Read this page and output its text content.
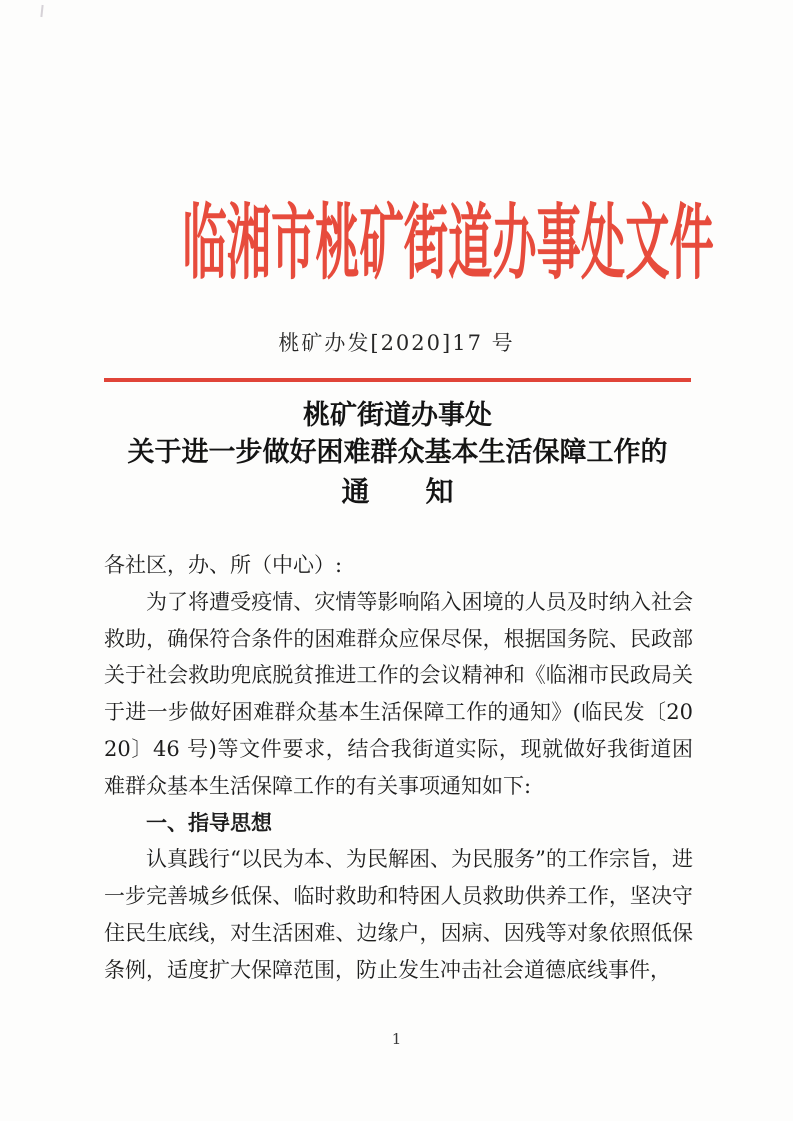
临湘市桃矿街道办事处文件
桃矿办发[2020]17 号
桃矿街道办事处
关于进一步做好困难群众基本生活保障工作的
通　　知

各社区，办、所（中心）:

为了将遭受疫情、灾情等影响陷入困境的人员及时纳入社会救助，确保符合条件的困难群众应保尽保，根据国务院、民政部关于社会救助兜底脱贫推进工作的会议精神和《临湘市民政局关于进一步做好困难群众基本生活保障工作的通知》(临民发〔2020〕46 号)等文件要求，结合我街道实际，现就做好我街道困难群众基本生活保障工作的有关事项通知如下:

一、指导思想

认真践行“以民为本、为民解困、为民服务”的工作宗旨，进一步完善城乡低保、临时救助和特困人员救助供养工作，坚决守住民生底线，对生活困难、边缘户，因病、因残等对象依照低保条例，适度扩大保障范围，防止发生冲击社会道德底线事件，

1
